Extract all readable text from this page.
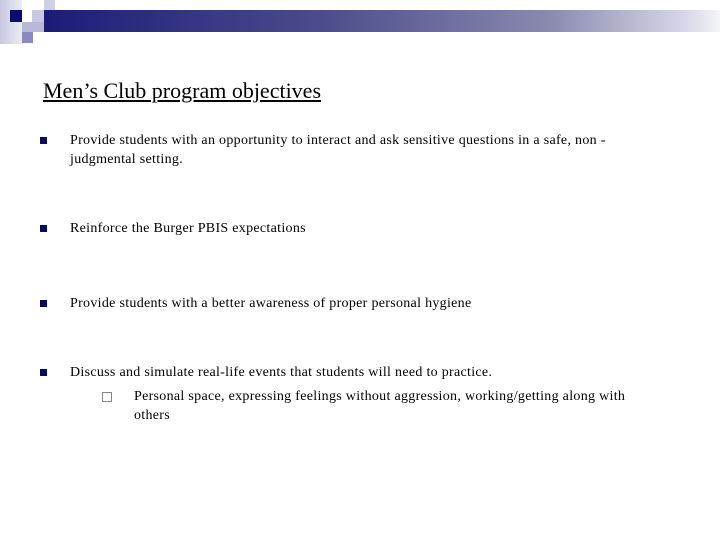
Men’s Club program objectives
Provide students with an opportunity to interact and ask sensitive questions in a safe, non -judgmental setting.
Reinforce the Burger PBIS expectations
Provide students with a better awareness of proper personal hygiene
Discuss and simulate real-life events that students will need to practice.
Personal space, expressing feelings without aggression, working/getting along with others
